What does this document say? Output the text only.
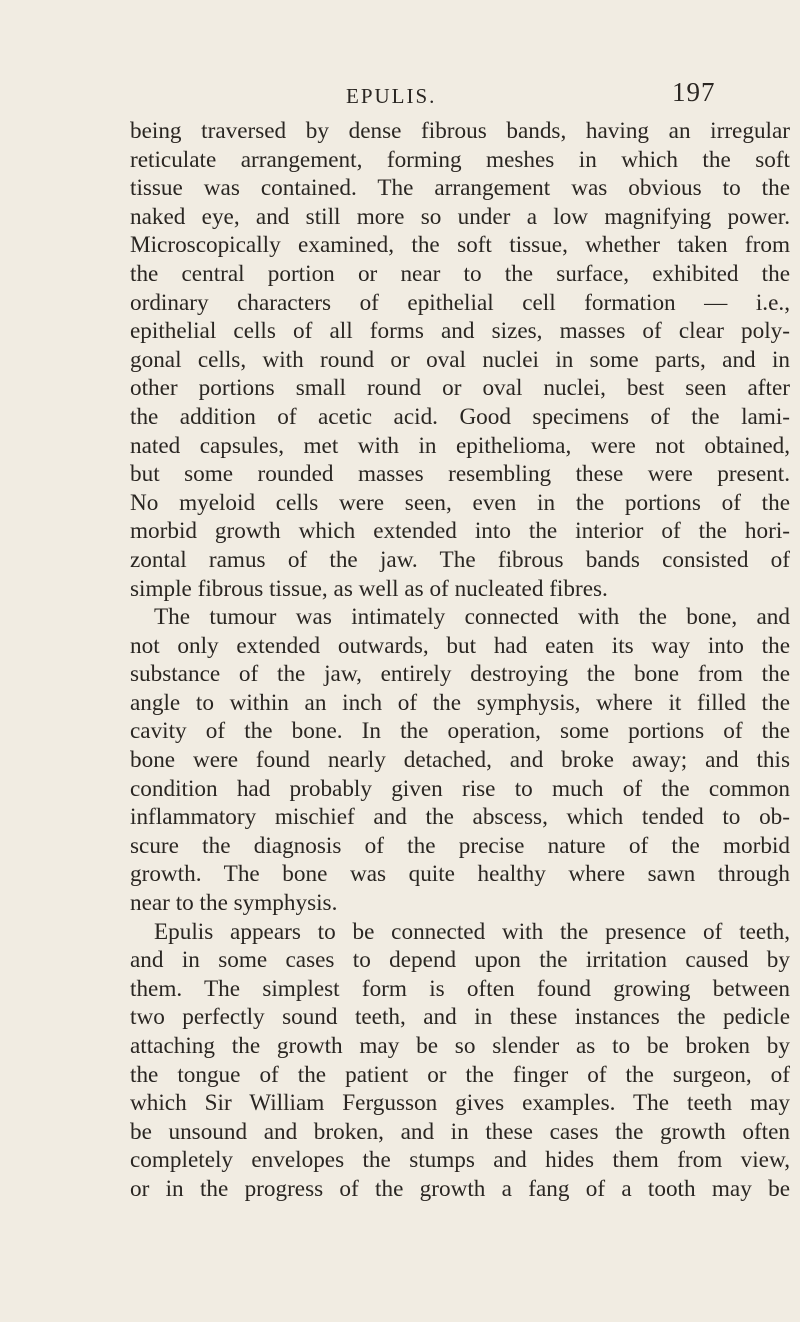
EPULIS.	197
being traversed by dense fibrous bands, having an irregular
reticulate arrangement, forming meshes in which the soft
tissue was contained. The arrangement was obvious to the
naked eye, and still more so under a low magnifying power.
Microscopically examined, the soft tissue, whether taken from
the central portion or near to the surface, exhibited the
ordinary characters of epithelial cell formation — i.e.,
epithelial cells of all forms and sizes, masses of clear poly-
gonal cells, with round or oval nuclei in some parts, and in
other portions small round or oval nuclei, best seen after
the addition of acetic acid. Good specimens of the lami-
nated capsules, met with in epithelioma, were not obtained,
but some rounded masses resembling these were present.
No myeloid cells were seen, even in the portions of the
morbid growth which extended into the interior of the hori-
zontal ramus of the jaw. The fibrous bands consisted of
simple fibrous tissue, as well as of nucleated fibres.
The tumour was intimately connected with the bone, and
not only extended outwards, but had eaten its way into the
substance of the jaw, entirely destroying the bone from the
angle to within an inch of the symphysis, where it filled the
cavity of the bone. In the operation, some portions of the
bone were found nearly detached, and broke away; and this
condition had probably given rise to much of the common
inflammatory mischief and the abscess, which tended to ob-
scure the diagnosis of the precise nature of the morbid
growth. The bone was quite healthy where sawn through
near to the symphysis.
Epulis appears to be connected with the presence of teeth,
and in some cases to depend upon the irritation caused by
them. The simplest form is often found growing between
two perfectly sound teeth, and in these instances the pedicle
attaching the growth may be so slender as to be broken by
the tongue of the patient or the finger of the surgeon, of
which Sir William Fergusson gives examples. The teeth may
be unsound and broken, and in these cases the growth often
completely envelopes the stumps and hides them from view,
or in the progress of the growth a fang of a tooth may be
